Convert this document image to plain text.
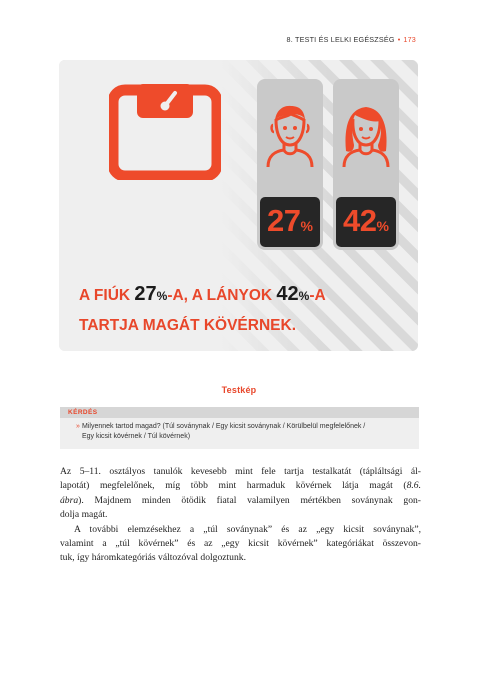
8. TESTI ÉS LELKI EGÉSZSÉG • 173
27% 42%
A FIÚK 27%-A, A LÁNYOK 42%-A
TARTJA MAGÁT KÖVÉRNEK.
Testkép
KÉRDÉS
» Milyennek tartod magad? (Túl soványnak / Egy kicsit soványnak / Körülbelül megfelelőnek /
Egy kicsit kövérnek / Túl kövérnek)

Az 5–11. osztályos tanulók kevesebb mint fele tartja testalkatát (tápláltsági ál-
lapotát) megfelelőnek, míg több mint harmaduk kövérnek látja magát (8.6.
ábra). Majdnem minden ötödik fiatal valamilyen mértékben soványnak gon-
dolja magát.

A további elemzésekhez a „túl soványnak” és az „egy kicsit soványnak”,
valamint a „túl kövérnek” és az „egy kicsit kövérnek” kategóriákat összevon-
tuk, így háromkategóriás változóval dolgoztunk.
